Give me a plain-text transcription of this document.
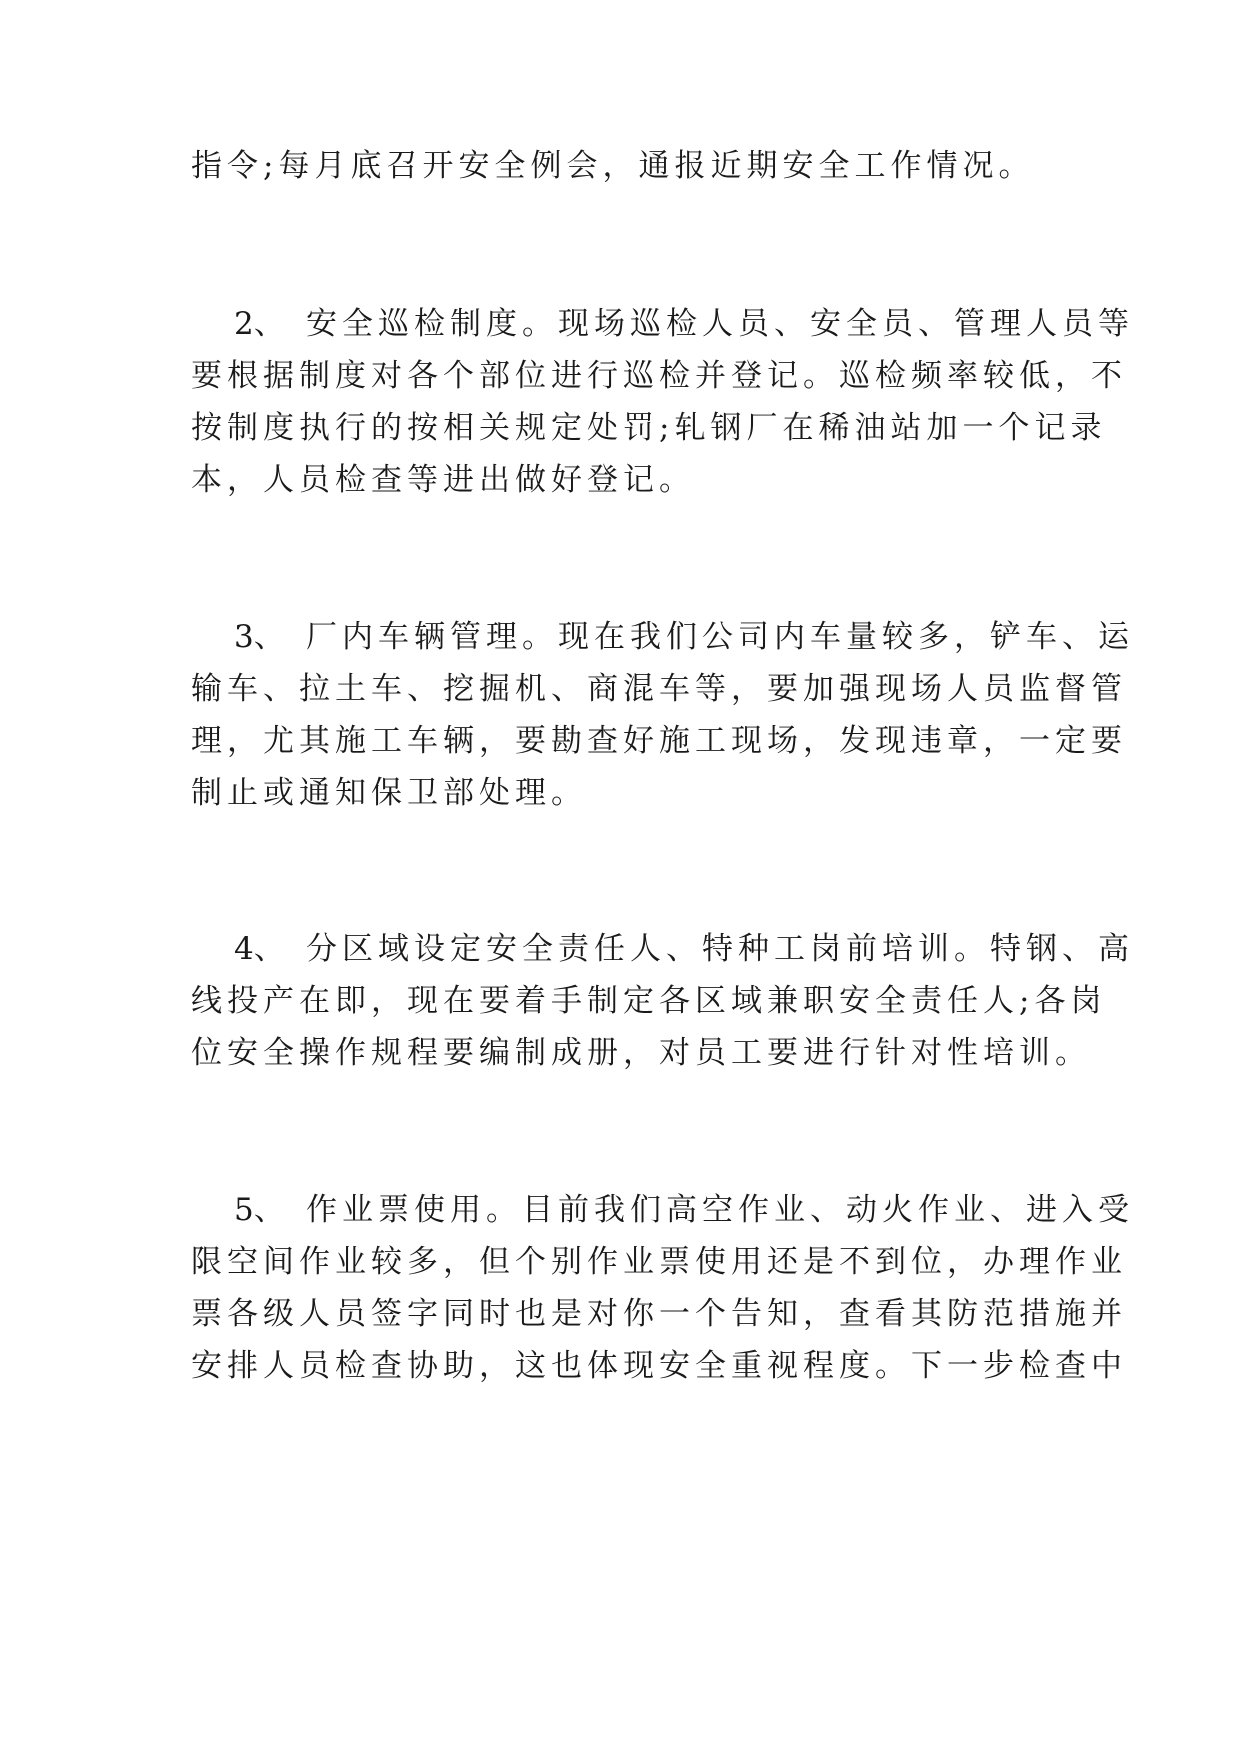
指令;每月底召开安全例会，通报近期安全工作情况。

2、 安全巡检制度。现场巡检人员、安全员、管理人员等

要根据制度对各个部位进行巡检并登记。巡检频率较低，不

按制度执行的按相关规定处罚;轧钢厂在稀油站加一个记录

本，人员检查等进出做好登记。

3、 厂内车辆管理。现在我们公司内车量较多，铲车、运

输车、拉土车、挖掘机、商混车等，要加强现场人员监督管

理，尤其施工车辆，要勘查好施工现场，发现违章，一定要

制止或通知保卫部处理。

4、 分区域设定安全责任人、特种工岗前培训。特钢、高

线投产在即，现在要着手制定各区域兼职安全责任人;各岗

位安全操作规程要编制成册，对员工要进行针对性培训。

5、 作业票使用。目前我们高空作业、动火作业、进入受

限空间作业较多，但个别作业票使用还是不到位，办理作业

票各级人员签字同时也是对你一个告知，查看其防范措施并

安排人员检查协助，这也体现安全重视程度。下一步检查中
